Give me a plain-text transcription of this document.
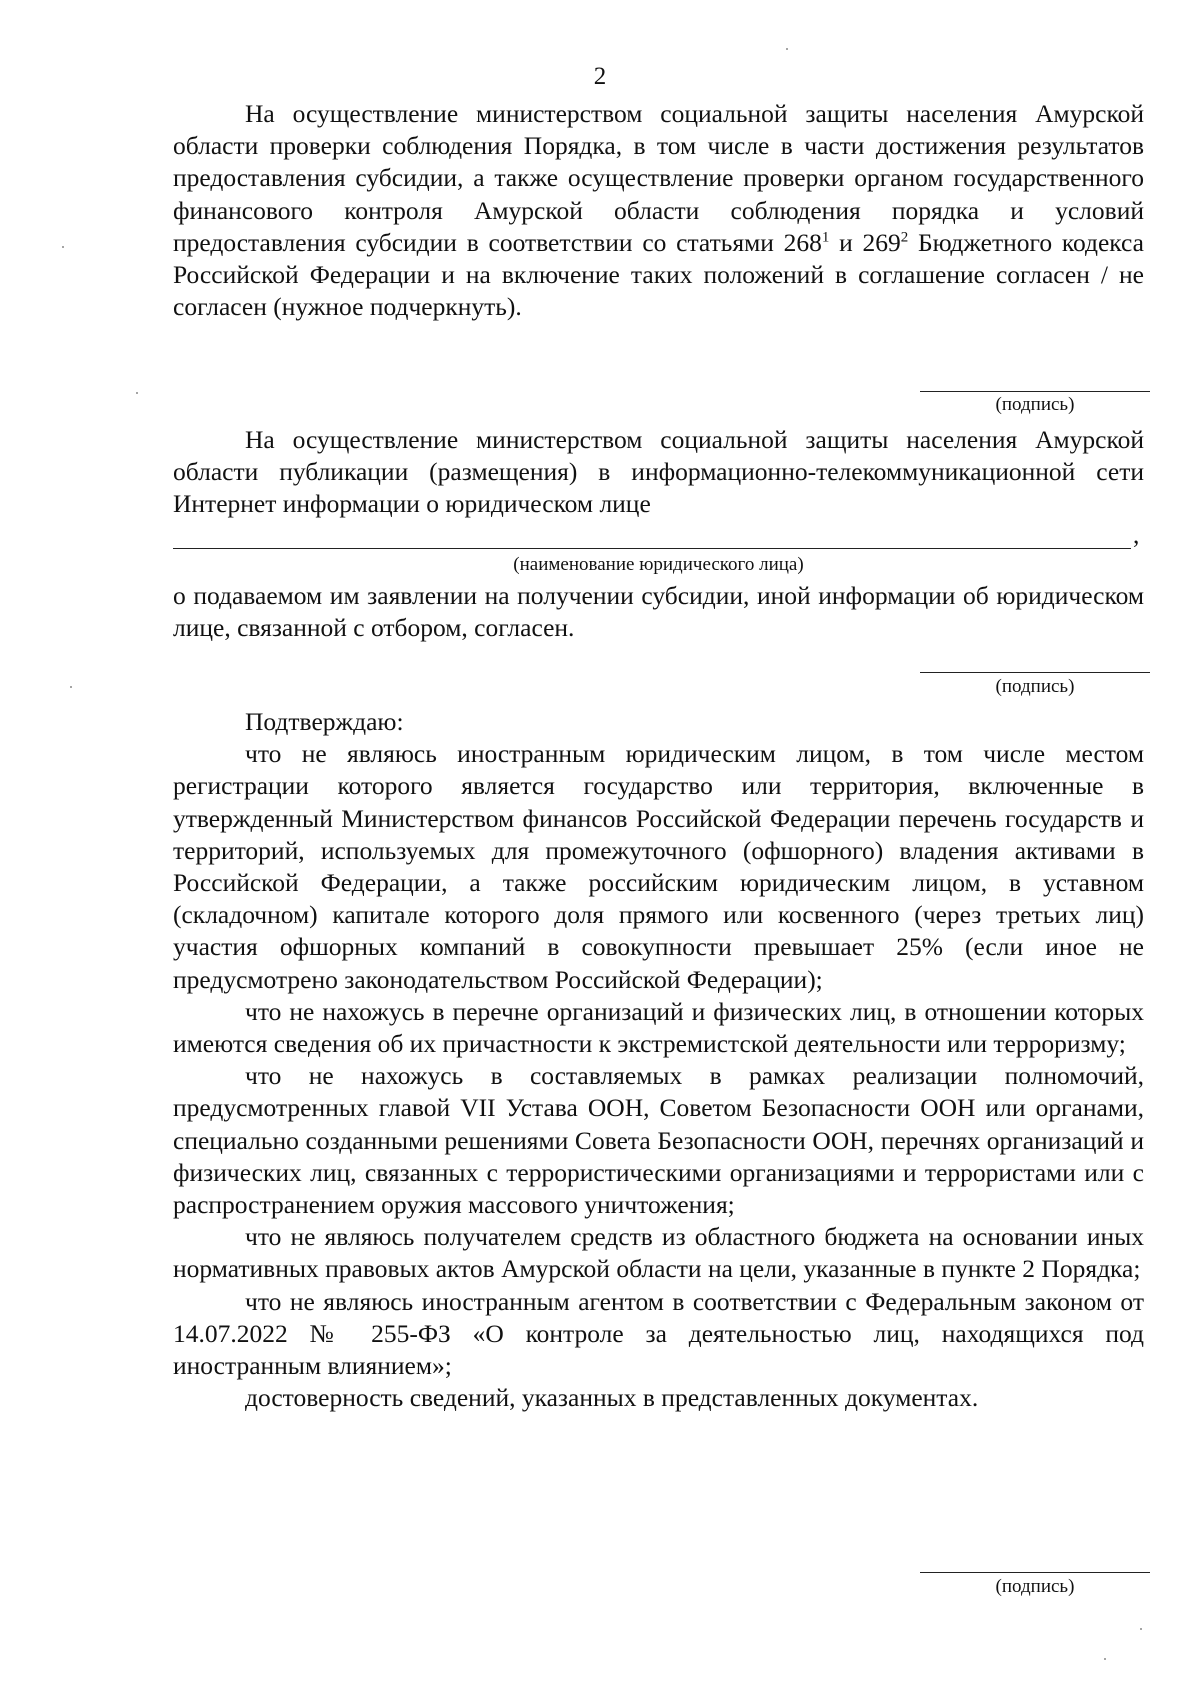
2

На осуществление министерством социальной защиты населения Амурской области проверки соблюдения Порядка, в том числе в части достижения результатов предоставления субсидии, а также осуществление проверки органом государственного финансового контроля Амурской области соблюдения порядка и условий предоставления субсидии в соответствии со статьями $268^1$ и $269^2$ Бюджетного кодекса Российской Федерации и на включение таких положений в соглашение согласен / не согласен (нужное подчеркнуть).

(подпись)

На осуществление министерством социальной защиты населения Амурской области публикации (размещения) в информационно-телекоммуникационной сети Интернет информации о юридическом лице

,
(наименование юридического лица)

о подаваемом им заявлении на получении субсидии, иной информации об юридическом лице, связанной с отбором, согласен.

(подпись)

Подтверждаю:

что не являюсь иностранным юридическим лицом, в том числе местом регистрации которого является государство или территория, включенные в утвержденный Министерством финансов Российской Федерации перечень государств и территорий, используемых для промежуточного (офшорного) владения активами в Российской Федерации, а также российским юридическим лицом, в уставном (складочном) капитале которого доля прямого или косвенного (через третьих лиц) участия офшорных компаний в совокупности превышает 25% (если иное не предусмотрено законодательством Российской Федерации);

что не нахожусь в перечне организаций и физических лиц, в отношении которых имеются сведения об их причастности к экстремистской деятельности или терроризму;

что не нахожусь в составляемых в рамках реализации полномочий, предусмотренных главой VII Устава ООН, Советом Безопасности ООН или органами, специально созданными решениями Совета Безопасности ООН, перечнях организаций и физических лиц, связанных с террористическими организациями и террористами или с распространением оружия массового уничтожения;

что не являюсь получателем средств из областного бюджета на основании иных нормативных правовых актов Амурской области на цели, указанные в пункте 2 Порядка;

что не являюсь иностранным агентом в соответствии с Федеральным законом от 14.07.2022 № 255-ФЗ «О контроле за деятельностью лиц, находящихся под иностранным влиянием»;

достоверность сведений, указанных в представленных документах.

(подпись)
